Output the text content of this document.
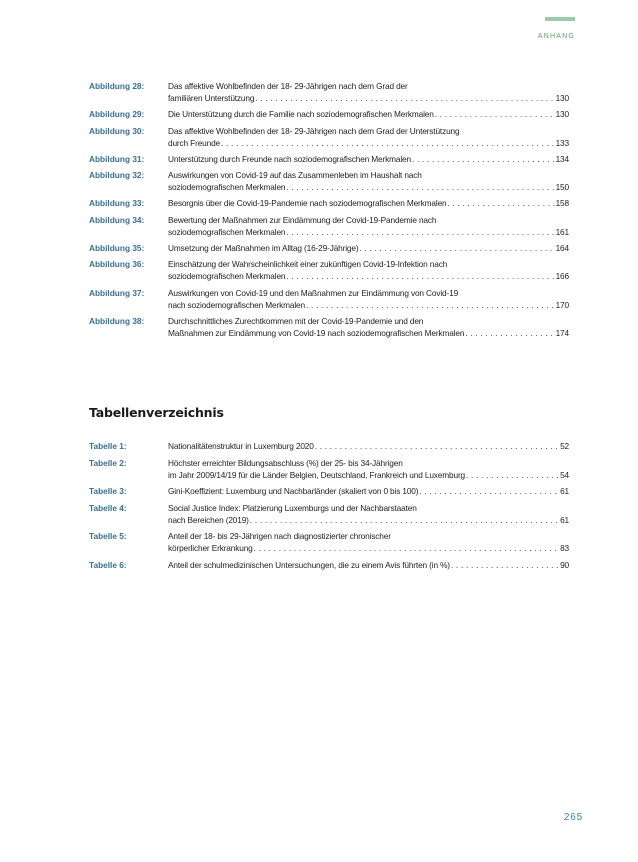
ANHANG
Abbildung 28:	Das affektive Wohlbefinden der 18- 29-Jährigen nach dem Grad der
familiären Unterstützung . . .	130
Abbildung 29:	Die Unterstützung durch die Familie nach soziodemografischen Merkmalen . . .	130
Abbildung 30:	Das affektive Wohlbefinden der 18- 29-Jährigen nach dem Grad der Unterstützung
durch Freunde . . .	133
Abbildung 31:	Unterstützung durch Freunde nach soziodemografischen Merkmalen . . .	134
Abbildung 32:	Auswirkungen von Covid-19 auf das Zusammenleben im Haushalt nach
soziodemografischen Merkmalen . . .	150
Abbildung 33:	Besorgnis über die Covid-19-Pandemie nach soziodemografischen Merkmalen . . .	158
Abbildung 34:	Bewertung der Maßnahmen zur Eindämmung der Covid-19-Pandemie nach
soziodemografischen Merkmalen . . .	161
Abbildung 35:	Umsetzung der Maßnahmen im Alltag (16-29-Jährige) . . .	164
Abbildung 36:	Einschätzung der Wahrscheinlichkeit einer zukünftigen Covid-19-Infektion nach
soziodemografischen Merkmalen . . .	166
Abbildung 37:	Auswirkungen von Covid-19 und den Maßnahmen zur Eindämmung von Covid-19
nach soziodemografischen Merkmalen . . .	170
Abbildung 38:	Durchschnittliches Zurechtkommen mit der Covid-19-Pandemie und den
Maßnahmen zur Eindämmung von Covid-19 nach soziodemografischen Merkmalen . . .	174
Tabellenverzeichnis
Tabelle 1:	Nationalitätenstruktur in Luxemburg 2020 . . .	52
Tabelle 2:	Höchster erreichter Bildungsabschluss (%) der 25- bis 34-Jährigen
im Jahr 2009/14/19 für die Länder Belgien, Deutschland, Frankreich und Luxemburg . . .	54
Tabelle 3:	Gini-Koeffizient: Luxemburg und Nachbarländer (skaliert von 0 bis 100) . . .	61
Tabelle 4:	Social Justice Index: Platzierung Luxemburgs und der Nachbarstaaten
nach Bereichen (2019) . . .	61
Tabelle 5:	Anteil der 18- bis 29-Jährigen nach diagnostizierter chronischer
körperlicher Erkrankung . . .	83
Tabelle 6:	Anteil der schulmedizinischen Untersuchungen, die zu einem Avis führten (in %) . . .	90
265
